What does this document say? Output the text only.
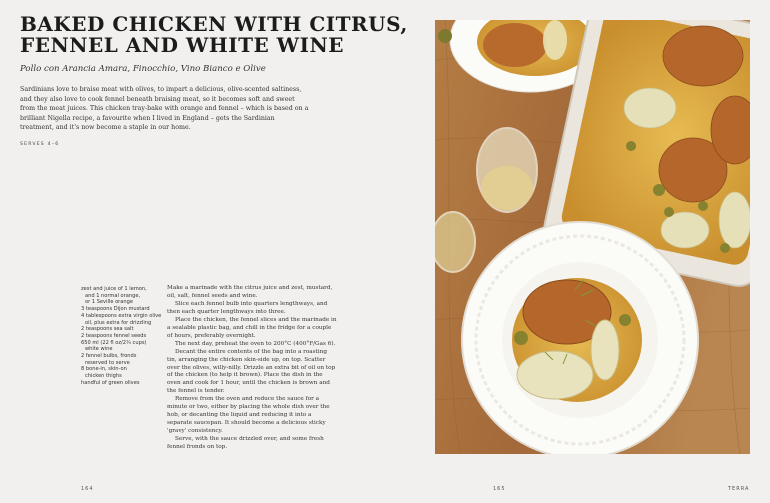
BAKED CHICKEN WITH CITRUS,
FENNEL AND WHITE WINE
Pollo con Arancia Amara, Finocchio, Vino Bianco e Olive
Sardinians love to braise meat with olives, to impart a delicious, olive-scented saltiness, and they also love to cook fennel beneath braising meat, so it becomes soft and sweet from the meat juices. This chicken tray-bake with orange and fennel – which is based on a brilliant Nigella recipe, a favourite when I lived in England – gets the Sardinian treatment, and it's now become a staple in our home.
SERVES 4–6
zest and juice of 1 lemon,
and 1 normal orange,
or 1 Seville orange
3 teaspoons Dijon mustard
4 tablespoons extra virgin olive
oil, plus extra for drizzling
2 teaspoons sea salt
2 teaspoons fennel seeds
650 ml (22 fl oz/2¾ cups)
white wine
2 fennel bulbs, fronds
reserved to serve
8 bone-in, skin-on
chicken thighs
handful of green olives

Make a marinade with the citrus juice and zest, mustard, oil, salt, fennel seeds and wine.

Slice each fennel bulb into quarters lengthways, and then each quarter lengthways into three.

Place the chicken, the fennel slices and the marinade in a sealable plastic bag, and chill in the fridge for a couple of hours, preferably overnight.

The next day, preheat the oven to 200°C (400°F/Gas 6).

Decant the entire contents of the bag into a roasting tin, arranging the chicken skin-side up, on top. Scatter over the olives, willy-nilly. Drizzle an extra bit of oil on top of the chicken (to help it brown). Place the dish in the oven and cook for 1 hour, until the chicken is brown and the fennel is tender.

Remove from the oven and reduce the sauce for a minute or two, either by placing the whole dish over the hob, or decanting the liquid and reducing it into a separate saucepan. It should become a delicious sticky 'gravy' consistency.

Serve, with the sauce drizzled over, and some fresh fennel fronds on top.

164	165	TERRA
